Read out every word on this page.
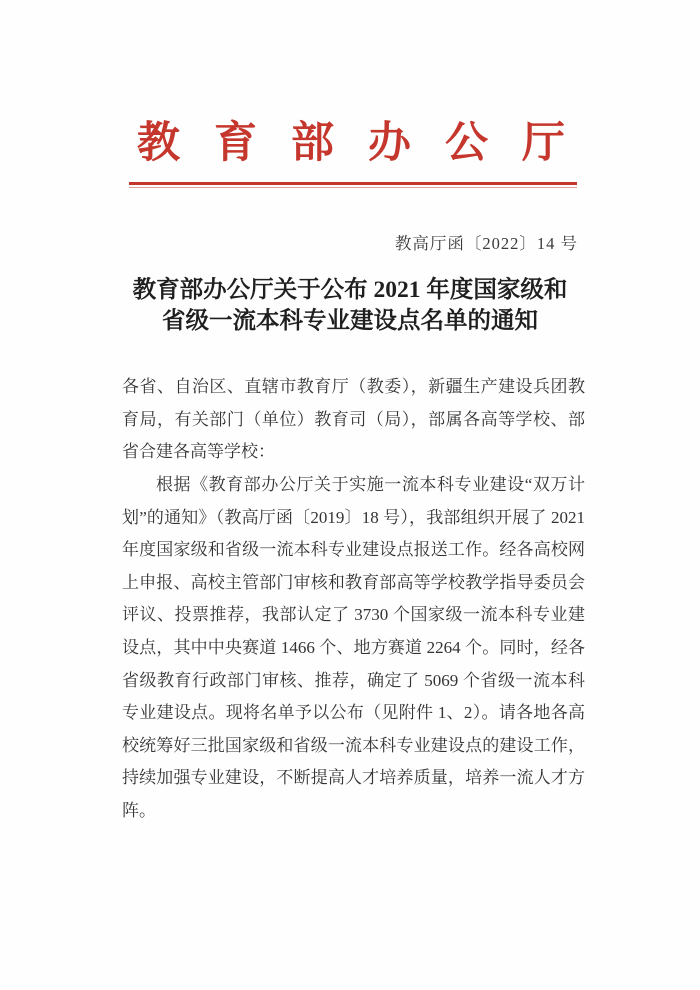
教育部办公厅
教高厅函〔2022〕14 号
教育部办公厅关于公布 2021 年度国家级和
省级一流本科专业建设点名单的通知

各省、自治区、直辖市教育厅（教委），新疆生产建设兵团教育局，有关部门（单位）教育司（局），部属各高等学校、部省合建各高等学校：

根据《教育部办公厅关于实施一流本科专业建设“双万计划”的通知》（教高厅函〔2019〕18 号），我部组织开展了 2021 年度国家级和省级一流本科专业建设点报送工作。经各高校网上申报、高校主管部门审核和教育部高等学校教学指导委员会评议、投票推荐，我部认定了 3730 个国家级一流本科专业建设点，其中中央赛道 1466 个、地方赛道 2264 个。同时，经各省级教育行政部门审核、推荐，确定了 5069 个省级一流本科专业建设点。现将名单予以公布（见附件 1、2）。请各地各高校统筹好三批国家级和省级一流本科专业建设点的建设工作，持续加强专业建设，不断提高人才培养质量，培养一流人才方阵。
